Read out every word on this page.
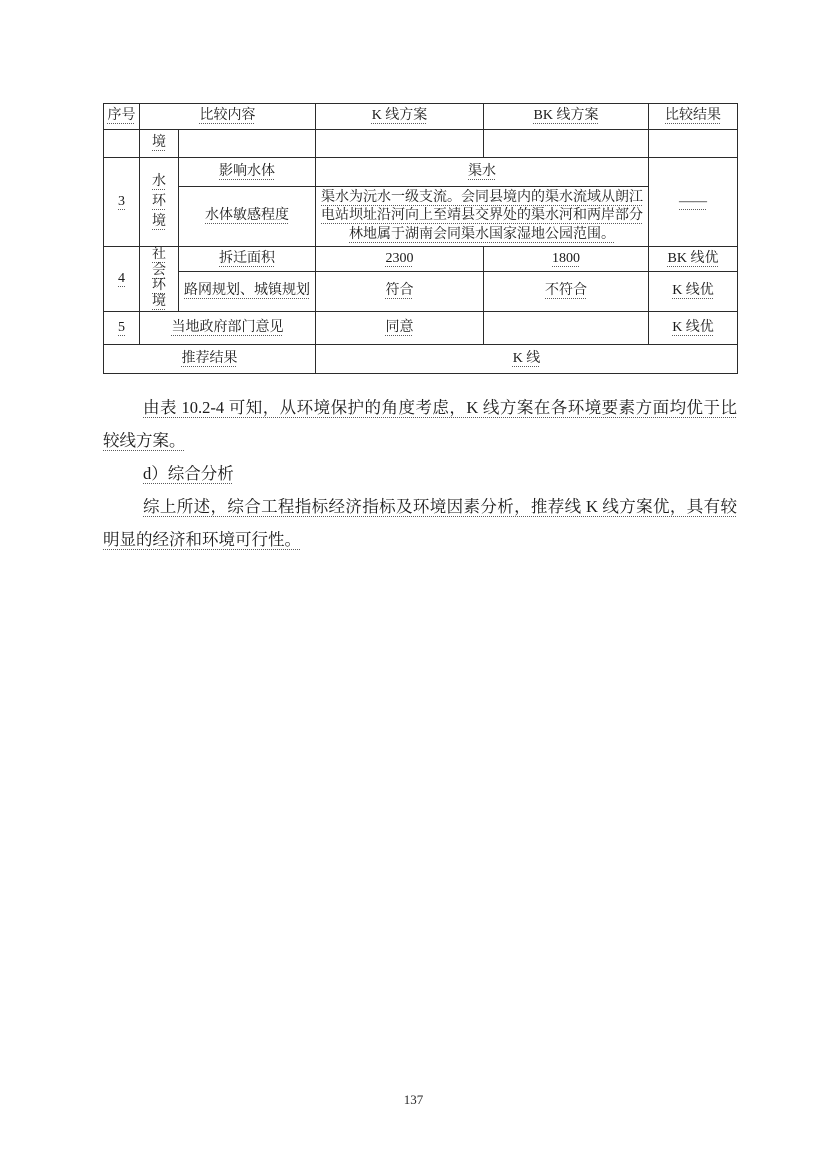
序号	比较内容		K 线方案	BK 线方案	比较结果
	境				
3	水环境	影响水体	渠水		——
		水体敏感程度	渠水为沅水一级支流。会同县境内的渠水流域从朗江电站坝址沿河向上至靖县交界处的渠水河和两岸部分林地属于湖南会同渠水国家湿地公园范围。		
4	社会环境	拆迁面积	2300	1800	BK 线优
		路网规划、城镇规划	符合	不符合	K 线优
5	当地政府部门意见		同意		K 线优
推荐结果			K 线		

由表 10.2-4 可知，从环境保护的角度考虑，K 线方案在各环境要素方面均优于比较线方案。

d）综合分析

综上所述，综合工程指标经济指标及环境因素分析，推荐线 K 线方案优，具有较明显的经济和环境可行性。

137
